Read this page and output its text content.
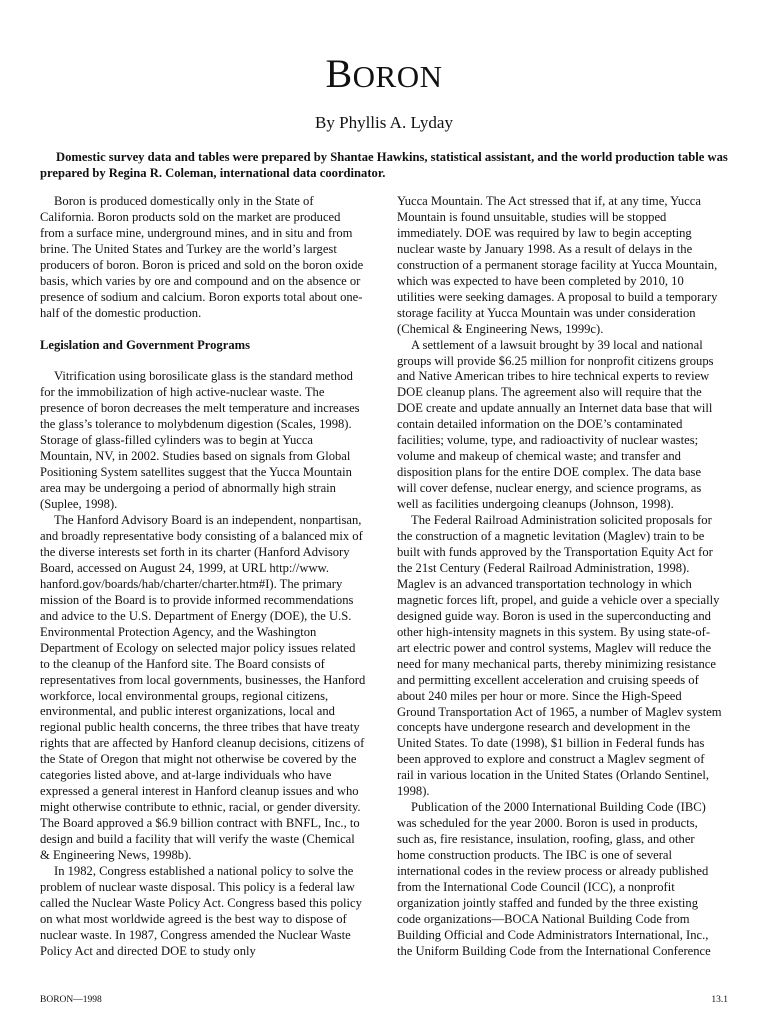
BORON
By Phyllis A. Lyday

Domestic survey data and tables were prepared by Shantae Hawkins, statistical assistant, and the world production table was prepared by Regina R. Coleman, international data coordinator.

Boron is produced domestically only in the State of California. Boron products sold on the market are produced from a surface mine, underground mines, and in situ and from brine. The United States and Turkey are the world’s largest producers of boron. Boron is priced and sold on the boron oxide basis, which varies by ore and compound and on the absence or presence of sodium and calcium. Boron exports total about one-half of the domestic production.

Legislation and Government Programs

Vitrification using borosilicate glass is the standard method for the immobilization of high active-nuclear waste. The presence of boron decreases the melt temperature and increases the glass’s tolerance to molybdenum digestion (Scales, 1998). Storage of glass-filled cylinders was to begin at Yucca Mountain, NV, in 2002. Studies based on signals from Global Positioning System satellites suggest that the Yucca Mountain area may be undergoing a period of abnormally high strain (Suplee, 1998).

The Hanford Advisory Board is an independent, nonpartisan, and broadly representative body consisting of a balanced mix of the diverse interests set forth in its charter (Hanford Advisory Board, accessed on August 24, 1999, at URL http://www. hanford.gov/boards/hab/charter/charter.htm#I). The primary mission of the Board is to provide informed recommendations and advice to the U.S. Department of Energy (DOE), the U.S. Environmental Protection Agency, and the Washington Department of Ecology on selected major policy issues related to the cleanup of the Hanford site. The Board consists of representatives from local governments, businesses, the Hanford workforce, local environmental groups, regional citizens, environmental, and public interest organizations, local and regional public health concerns, the three tribes that have treaty rights that are affected by Hanford cleanup decisions, citizens of the State of Oregon that might not otherwise be covered by the categories listed above, and at-large individuals who have expressed a general interest in Hanford cleanup issues and who might otherwise contribute to ethnic, racial, or gender diversity. The Board approved a $6.9 billion contract with BNFL, Inc., to design and build a facility that will verify the waste (Chemical & Engineering News, 1998b).

In 1982, Congress established a national policy to solve the problem of nuclear waste disposal. This policy is a federal law called the Nuclear Waste Policy Act. Congress based this policy on what most worldwide agreed is the best way to dispose of nuclear waste. In 1987, Congress amended the Nuclear Waste Policy Act and directed DOE to study only

Yucca Mountain. The Act stressed that if, at any time, Yucca Mountain is found unsuitable, studies will be stopped immediately. DOE was required by law to begin accepting nuclear waste by January 1998. As a result of delays in the construction of a permanent storage facility at Yucca Mountain, which was expected to have been completed by 2010, 10 utilities were seeking damages. A proposal to build a temporary storage facility at Yucca Mountain was under consideration (Chemical & Engineering News, 1999c).

A settlement of a lawsuit brought by 39 local and national groups will provide $6.25 million for nonprofit citizens groups and Native American tribes to hire technical experts to review DOE cleanup plans. The agreement also will require that the DOE create and update annually an Internet data base that will contain detailed information on the DOE’s contaminated facilities; volume, type, and radioactivity of nuclear wastes; volume and makeup of chemical waste; and transfer and disposition plans for the entire DOE complex. The data base will cover defense, nuclear energy, and science programs, as well as facilities undergoing cleanups (Johnson, 1998).

The Federal Railroad Administration solicited proposals for the construction of a magnetic levitation (Maglev) train to be built with funds approved by the Transportation Equity Act for the 21st Century (Federal Railroad Administration, 1998). Maglev is an advanced transportation technology in which magnetic forces lift, propel, and guide a vehicle over a specially designed guide way. Boron is used in the superconducting and other high-intensity magnets in this system. By using state-of-art electric power and control systems, Maglev will reduce the need for many mechanical parts, thereby minimizing resistance and permitting excellent acceleration and cruising speeds of about 240 miles per hour or more. Since the High-Speed Ground Transportation Act of 1965, a number of Maglev system concepts have undergone research and development in the United States. To date (1998), $1 billion in Federal funds has been approved to explore and construct a Maglev segment of rail in various location in the United States (Orlando Sentinel, 1998).

Publication of the 2000 International Building Code (IBC) was scheduled for the year 2000. Boron is used in products, such as, fire resistance, insulation, roofing, glass, and other home construction products. The IBC is one of several international codes in the review process or already published from the International Code Council (ICC), a nonprofit organization jointly staffed and funded by the three existing code organizations—BOCA National Building Code from Building Official and Code Administrators International, Inc., the Uniform Building Code from the International Conference

BORON—1998	13.1
